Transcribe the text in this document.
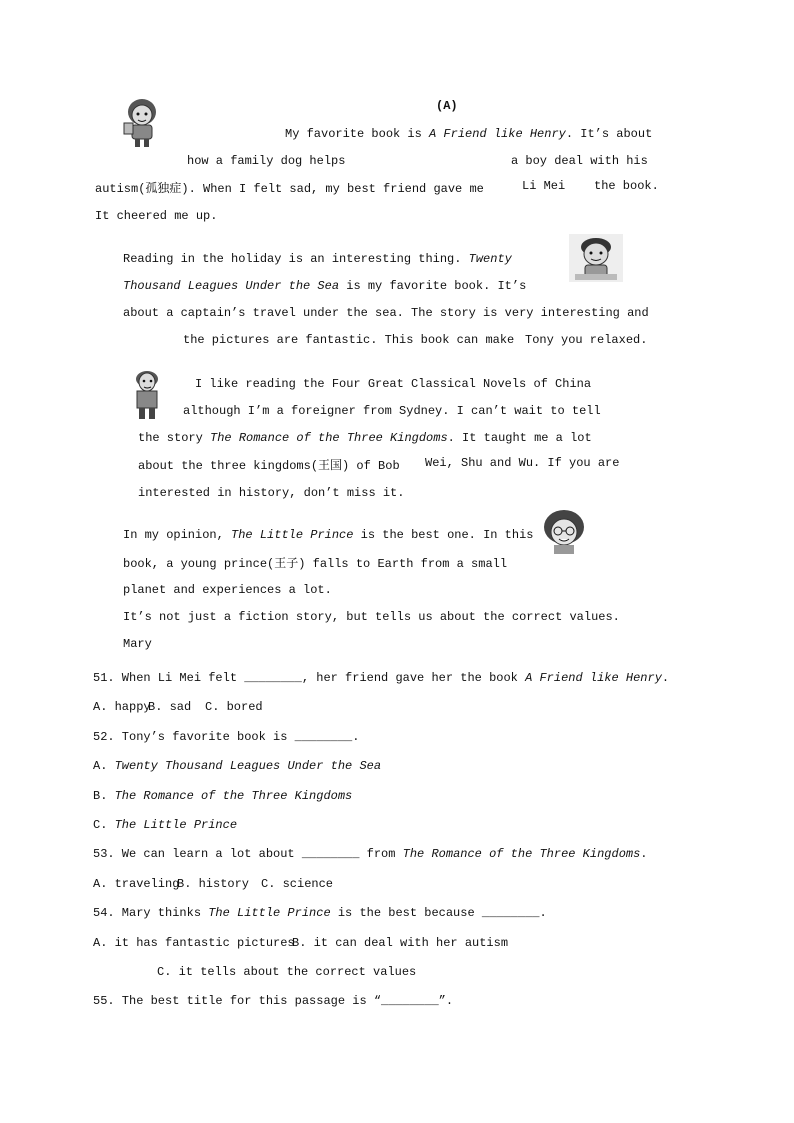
(A)
My favorite book is A Friend like Henry. It’s about
how a family dog helps	a boy deal with his
autism(孤独症). When I felt sad, my best friend gave me	Li Mei the book.
It cheered me up.
Reading in the holiday is an interesting thing. Twenty
Thousand Leagues Under the Sea is my favorite book. It’s
about a captain’s travel under the sea. The story is very interesting and
the pictures are fantastic. This book can make Tony you relaxed.
I like reading the Four Great Classical Novels of China
although I’m a foreigner from Sydney. I can’t wait to tell
the story The Romance of the Three Kingdoms. It taught me a lot
about the three kingdoms(王国) of Bob Wei, Shu and Wu. If you are
interested in history, don’t miss it.
In my opinion, The Little Prince is the best one. In this
book, a young prince(王子) falls to Earth from a small
planet and experiences a lot.
It’s not just a fiction story, but tells us about the correct values.
Mary
51. When Li Mei felt ________, her friend gave her the book A Friend like Henry.
A. happy
B. sad C. bored
52. Tony’s favorite book is ________.
A. Twenty Thousand Leagues Under the Sea
B. The Romance of the Three Kingdoms
C. The Little Prince
53. We can learn a lot about ________ from The Romance of the Three Kingdoms.
A. traveling
B. history C. science
54. Mary thinks The Little Prince is the best because ________.
A. it has fantastic pictures
B. it can deal with her autism
C. it tells about the correct values
55. The best title for this passage is “________”.
